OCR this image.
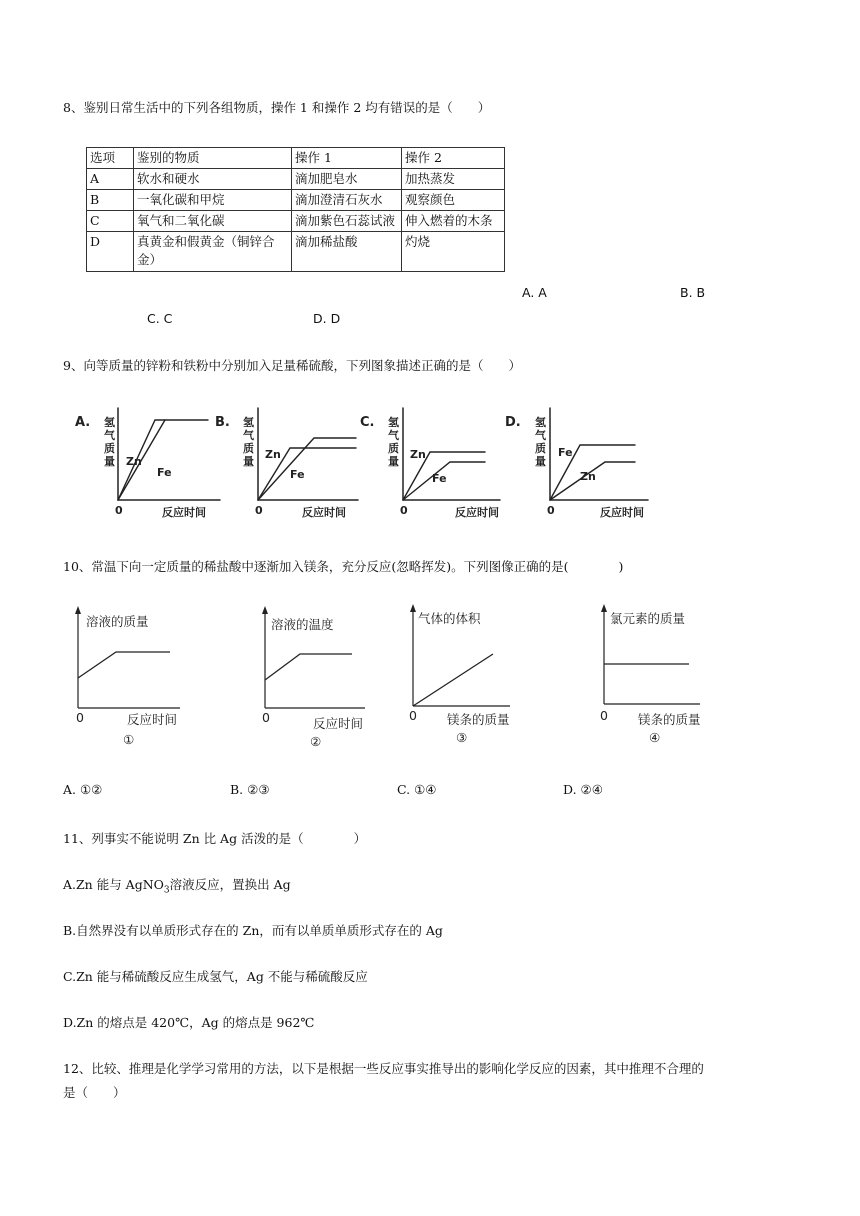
8、鉴别日常生活中的下列各组物质，操作 1 和操作 2 均有错误的是（　　）
选项	鉴别的物质	操作 1	操作 2
A	软水和硬水	滴加肥皂水	加热蒸发
B	一氧化碳和甲烷	滴加澄清石灰水	观察颜色
C	氧气和二氧化碳	滴加紫色石蕊试液	伸入燃着的木条
D	真黄金和假黄金（铜锌合金）	滴加稀盐酸	灼烧
A. A	B. B
C. C	D. D
9、向等质量的锌粉和铁粉中分别加入足量稀硫酸，下列图象描述正确的是（　　）
A. 氢
气
质
量 Zn
Fe
0	反应时间
B. 氢
气
质
量
Zn
Fe
0	反应时间
C. 氢
气
质
量
Zn
Fe
0	反应时间
D. 氢
气
质
量
Fe
Zn
0	反应时间
10、常温下向一定质量的稀盐酸中逐渐加入镁条，充分反应(忽略挥发)。下列图像正确的是(　　　　)
溶液的质量
0	反应时间
①
溶液的温度
0	反应时间
②
气体的体积
0 镁条的质量
③
氯元素的质量
0 镁条的质量
④
A. ①②	B. ②③	C. ①④	D. ②④
11、列事实不能说明 Zn 比 Ag 活泼的是（　　　　）
A.Zn 能与 AgNO$_3$溶液反应，置换出 Ag
B.自然界没有以单质形式存在的 Zn，而有以单质单质形式存在的 Ag
C.Zn 能与稀硫酸反应生成氢气，Ag 不能与稀硫酸反应
D.Zn 的熔点是 420℃，Ag 的熔点是 962℃
12、比较、推理是化学学习常用的方法，以下是根据一些反应事实推导出的影响化学反应的因素，其中推理不合理的
是（　　）
